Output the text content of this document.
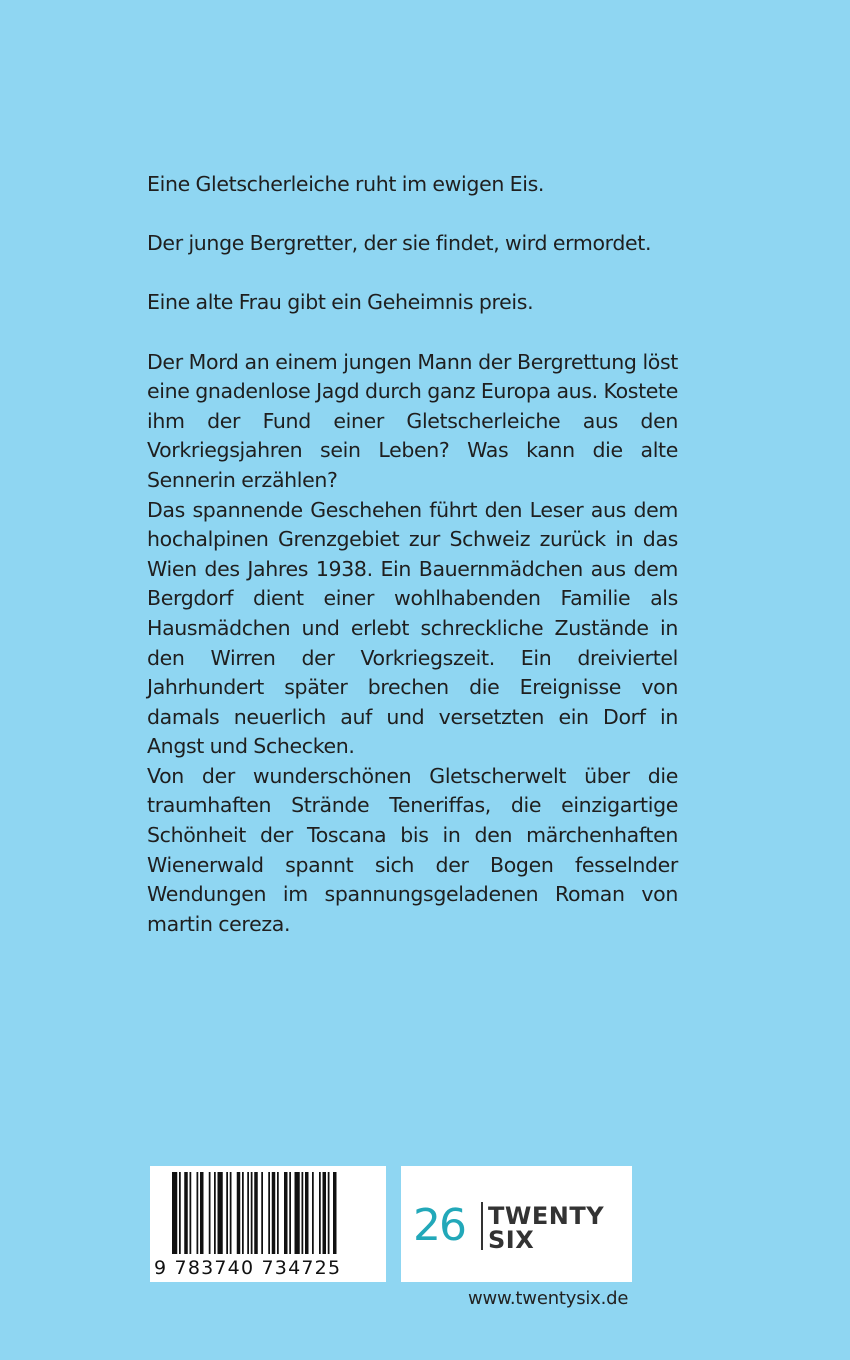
Eine Gletscherleiche ruht im ewigen Eis.

Der junge Bergretter, der sie findet, wird ermordet.

Eine alte Frau gibt ein Geheimnis preis.

Der Mord an einem jungen Mann der Bergrettung löst eine gnadenlose Jagd durch ganz Europa aus. Kostete ihm der Fund einer Gletscherleiche aus den Vorkriegsjahren sein Leben? Was kann die alte Sennerin erzählen?

Das spannende Geschehen führt den Leser aus dem hochalpinen Grenzgebiet zur Schweiz zurück in das Wien des Jahres 1938. Ein Bauernmädchen aus dem Bergdorf dient einer wohlhabenden Familie als Hausmädchen und erlebt schreckliche Zustände in den Wirren der Vorkriegszeit. Ein dreiviertel Jahrhundert später brechen die Ereignisse von damals neuerlich auf und versetzten ein Dorf in Angst und Schecken.

Von der wunderschönen Gletscherwelt über die traumhaften Strände Teneriffas, die einzigartige Schönheit der Toscana bis in den märchenhaften Wienerwald spannt sich der Bogen fesselnder Wendungen im spannungsgeladenen Roman von martin cereza.

9 783740 734725
26 TWENTY
SIX
www.twentysix.de
